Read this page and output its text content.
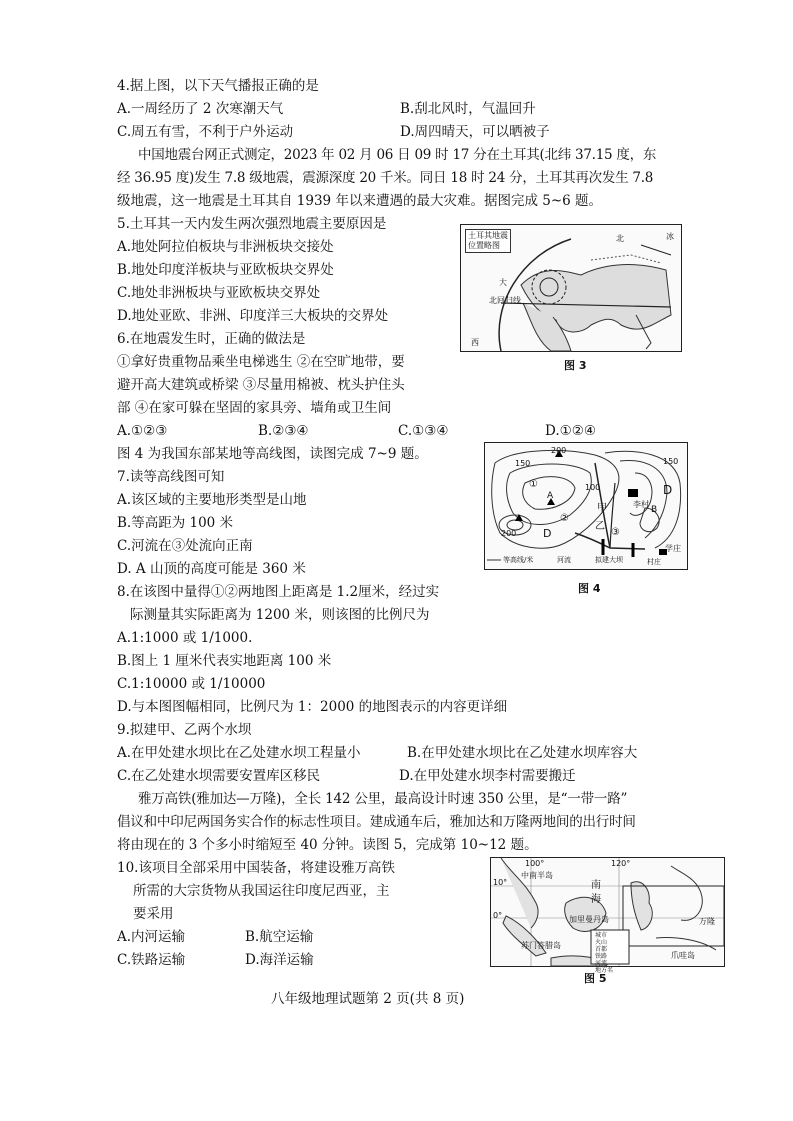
4.据上图，以下天气播报正确的是
A.一周经历了 2 次寒潮天气	B.刮北风时，气温回升
C.周五有雪，不利于户外运动	D.周四晴天，可以晒被子
中国地震台网正式测定，2023 年 02 月 06 日 09 时 17 分在土耳其(北纬 37.15 度，东
经 36.95 度)发生 7.8 级地震，震源深度 20 千米。同日 18 时 24 分，土耳其再次发生 7.8
级地震，这一地震是土耳其自 1939 年以来遭遇的最大灾难。据图完成 5~6 题。
5.土耳其一天内发生两次强烈地震主要原因是
A.地处阿拉伯板块与非洲板块交接处
B.地处印度洋板块与亚欧板块交界处
C.地处非洲板块与亚欧板块交界处
D.地处亚欧、非洲、印度洋三大板块的交界处
6.在地震发生时，正确的做法是
①拿好贵重物品乘坐电梯逃生 ②在空旷地带，要
避开高大建筑或桥梁 ③尽量用棉被、枕头护住头
部 ④在家可躲在坚固的家具旁、墙角或卫生间
A.①②③	B.②③④	C.①③④	D.①②④
图 4 为我国东部某地等高线图，读图完成 7~9 题。
7.读等高线图可知
A.该区域的主要地形类型是山地
B.等高距为 100 米
C.河流在③处流向正南
D. A 山顶的高度可能是 360 米
8.在该图中量得①②两地图上距离是 1.2厘米，经过实
际测量其实际距离为 1200 米，则该图的比例尺为
A.1:1000 或 1/1000.
B.图上 1 厘米代表实地距离 100 米
C.1:10000 或 1/10000
D.与本图图幅相同，比例尺为 1：2000 的地图表示的内容更详细
9.拟建甲、乙两个水坝
A.在甲处建水坝比在乙处建水坝工程量小	B.在甲处建水坝比在乙处建水坝库容大
C.在乙处建水坝需要安置库区移民	D.在甲处建水坝李村需要搬迁
雅万高铁(雅加达—万隆)，全长 142 公里，最高设计时速 350 公里，是“一带一路”
倡议和中印尼两国务实合作的标志性项目。建成通车后，雅加达和万隆两地间的出行时间
将由现在的 3 个多小时缩短至 40 分钟。读图 5，完成第 10~12 题。
10.该项目全部采用中国装备，将建设雅万高铁
所需的大宗货物从我国运往印度尼西亚，主
要采用
A.内河运输	B.航空运输
C.铁路运输	D.海洋运输
土耳其地震
位置略图
北	冰
大
北回归线
西
图 3
200
150
100
150
200
①
②
③
甲
乙
A
B
D
D
李村
学庄
等高线/米	河流	拟建大坝	村庄
图 4
100°	120°
10°
0°
中南半岛
南
海
加里曼丹岛
苏门答腊岛
爪哇岛
万隆
城市
火山
首都
铁路
河流
地方名
图 5
八年级地理试题第 2 页(共 8 页)
